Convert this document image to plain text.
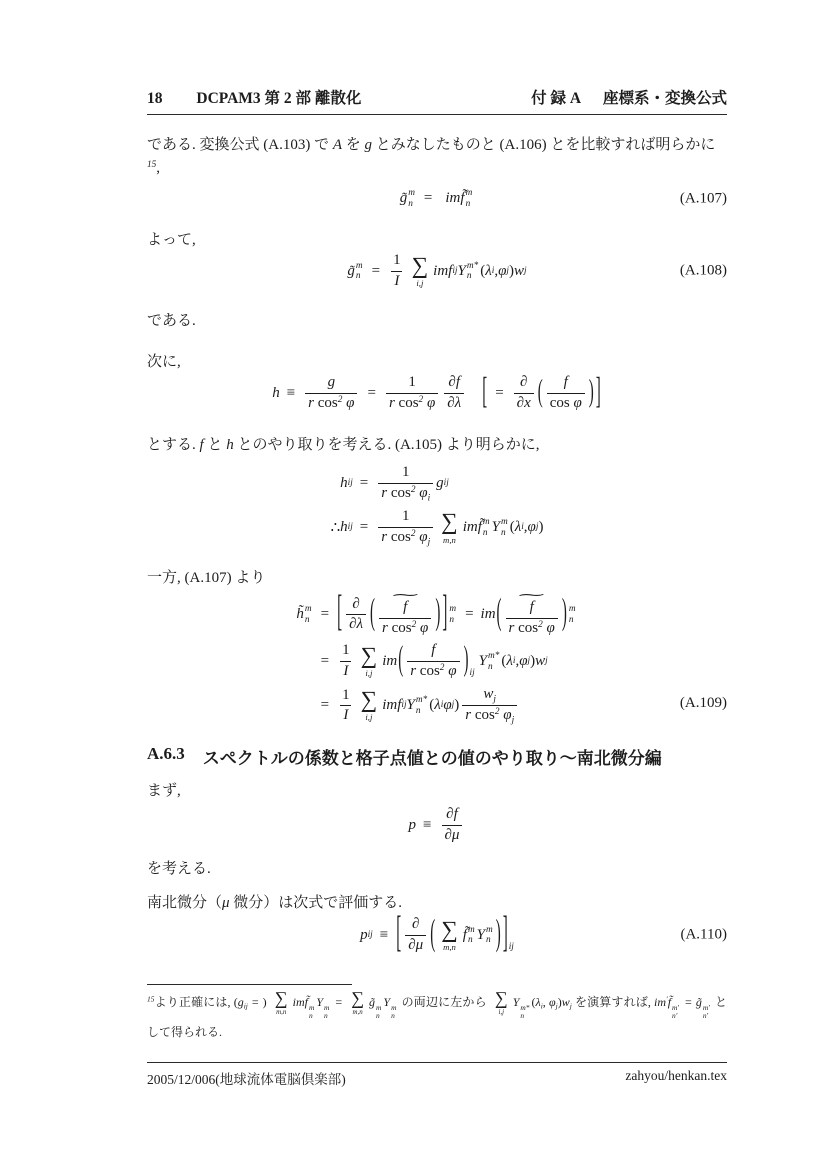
18 DCPAM3 第 2 部 離散化	付 録 A 座標系・変換公式

である. 変換公式 (A.103) で A を g とみなしたものと (A.106) とを比較すれば明らかに$^{15}$,

g̃ m
n = imf̃ m
n	(A.107)

よって,

g̃ m
$n = \frac{1}{I}$ ∑
i,j
imf ij Y m*
n ( λ i , φ j ) w j	(A.108)

である.

次に,

$h \equiv \frac{g}{r \cos^2 \varphi} = \frac{1}{r \cos^2 \varphi} \frac{\partial f}{\partial\lambda}$ [ = $\frac{\partial}{\partial x}$ ( $\frac{f}{\text{cos φ}}$ ) ]

とする. f と h とのやり取りを考える. (A.105) より明らかに,

h ij = $\frac{1}{r \cos^2 \varphi_i}$ g ij
∴ h ij = $\frac{1}{r \cos^2 \varphi_j}$ ∑
m,n
imf̃ m
n Y m
n ( λ i , φ j )

一方, (A.107) より

h̃ m
n = [ $\frac{\partial}{\partial\lambda}$ ( ∼
$\frac{f}{r \cos^2 \varphi}$ ) ] m
n = im ( ∼
$\frac{f}{r \cos^2 \varphi}$ ) m
n
= $\frac{1}{I}$ ∑
i,j
im ( $\frac{f}{r \cos^2 \varphi}$ ) ij
Y m*
n ( λ i , φ j ) w j
= $\frac{1}{I}$ ∑
i,j
imf ij Y m*
n ( λ i φ j ) $\frac{w_j}{r \cos^2 \varphi_j}$	(A.109)
A.6.3 スペクトルの係数と格子点値との値のやり取り～南北微分編

まず,

$p \equiv \frac{\partial f}{\partial\mu}$

を考える.

南北微分（μ 微分）は次式で評価する.

p ij ≡ [ $\frac{\partial}{\partial\mu}$ ( ∑
m,n
f̃ m
n Y m
n ) ] ij
(A.110)

$^{15}$より正確には, ($g_{ij}$ = ) ∑
m,n
imf̃ m
n
Y m
n
= ∑
m,n
g̃ m
n
Y m
n
の両辺に左から ∑
i,j
Y m*
n
($\lambda_i$, $\varphi_j)w_j$ を演算すれば, im′f̃ m′
n′
= g̃ m′
n′
として得られる.

2005/12/006(地球流体電脳倶楽部)	zahyou/henkan.tex
